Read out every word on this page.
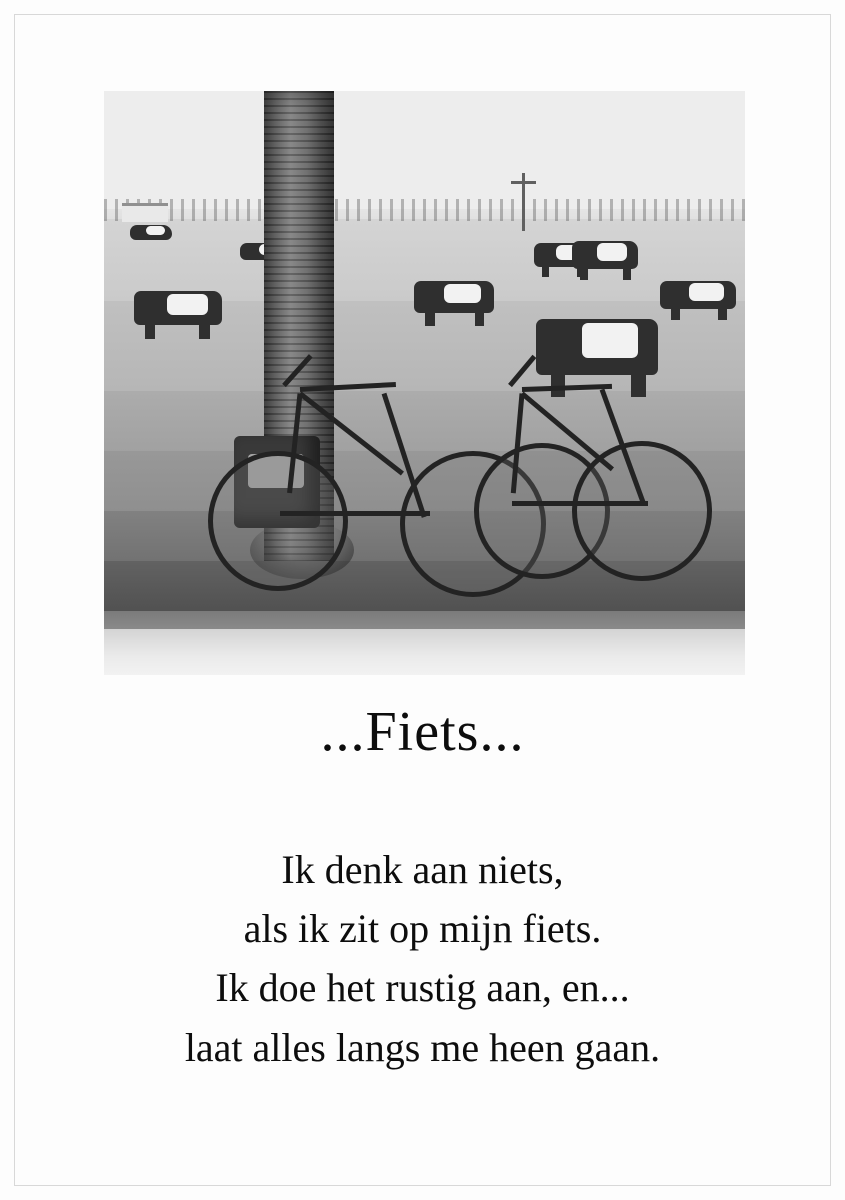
...Fiets...
Ik denk aan niets,
als ik zit op mijn fiets.
Ik doe het rustig aan, en...
laat alles langs me heen gaan.
